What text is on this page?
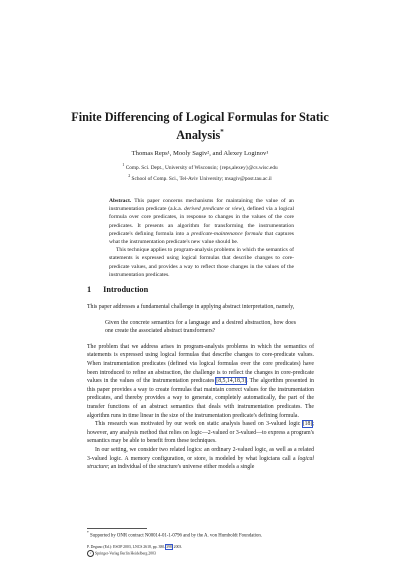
Finite Differencing of Logical Formulas for Static Analysis*
Thomas Reps¹, Mooly Sagiv², and Alexey Loginov¹
$^1$ Comp. Sci. Dept., University of Wisconsin; {reps,alexey}@cs.wisc.edu
$^2$ School of Comp. Sci., Tel-Aviv University; msagiv@post.tau.ac.il

Abstract. This paper concerns mechanisms for maintaining the value of an instrumentation predicate (a.k.a. derived predicate or view), defined via a logical formula over core predicates, in response to changes in the values of the core predicates. It presents an algorithm for transforming the instrumentation predicate's defining formula into a predicate-maintenance formula that captures what the instrumentation predicate's new value should be.

This technique applies to program-analysis problems in which the semantics of statements is expressed using logical formulas that describe changes to core-predicate values, and provides a way to reflect those changes in the values of the instrumentation predicates.

1 Introduction

This paper addresses a fundamental challenge in applying abstract interpretation, namely,

Given the concrete semantics for a language and a desired abstraction, how does one create the associated abstract transformers?

The problem that we address arises in program-analysis problems in which the semantics of statements is expressed using logical formulas that describe changes to core-predicate values. When instrumentation predicates (defined via logical formulas over the core predicates) have been introduced to refine an abstraction, the challenge is to reflect the changes in core-predicate values in the values of the instrumentation predicates [8,5,14,18,3]. The algorithm presented in this paper provides a way to create formulas that maintain correct values for the instrumentation predicates, and thereby provides a way to generate, completely automatically, the part of the transfer functions of an abstract semantics that deals with instrumentation predicates. The algorithm runs in time linear in the size of the instrumentation predicate's defining formula.

This research was motivated by our work on static analysis based on 3-valued logic [18]; however, any analysis method that relies on logic—2-valued or 3-valued—to express a program's semantics may be able to benefit from these techniques.

In our setting, we consider two related logics: an ordinary 2-valued logic, as well as a related 3-valued logic. A memory configuration, or store, is modeled by what logicians call a logical structure; an individual of the structure's universe either models a single

* Supported by ONR contract N00014-01-1-0796 and by the A. von Humboldt Foundation.
P. Degano (Ed.): ESOP 2003, LNCS 2618, pp. 380–398, 2003.
c Springer-Verlag Berlin Heidelberg 2003
